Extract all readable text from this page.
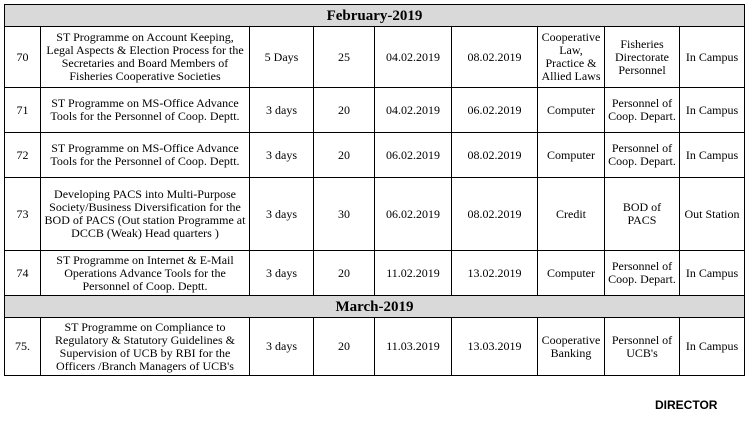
February-2019								
70	ST Programme on Account Keeping, Legal Aspects & Election Process for the Secretaries and Board Members of Fisheries Cooperative Societies	5 Days	25	04.02.2019	08.02.2019	Cooperative Law, Practice & Allied Laws	Fisheries Directorate Personnel	In Campus
71	ST Programme on MS-Office Advance Tools for the Personnel of Coop. Deptt.	3 days	20	04.02.2019	06.02.2019	Computer	Personnel of Coop. Depart.	In Campus
72	ST Programme on MS-Office Advance Tools for the Personnel of Coop. Deptt.	3 days	20	06.02.2019	08.02.2019	Computer	Personnel of Coop. Depart.	In Campus
73	Developing PACS into Multi-Purpose Society/Business Diversification for the BOD of PACS (Out station Programme at DCCB (Weak) Head quarters )	3 days	30	06.02.2019	08.02.2019	Credit	BOD of PACS	Out Station
74	ST Programme on Internet & E-Mail Operations Advance Tools for the Personnel of Coop. Deptt.	3 days	20	11.02.2019	13.02.2019	Computer	Personnel of Coop. Depart.	In Campus
March-2019								
75.	ST Programme on Compliance to Regulatory & Statutory Guidelines & Supervision of UCB by RBI for the Officers /Branch Managers of UCB's	3 days	20	11.03.2019	13.03.2019	Cooperative Banking	Personnel of UCB's	In Campus
DIRECTOR
